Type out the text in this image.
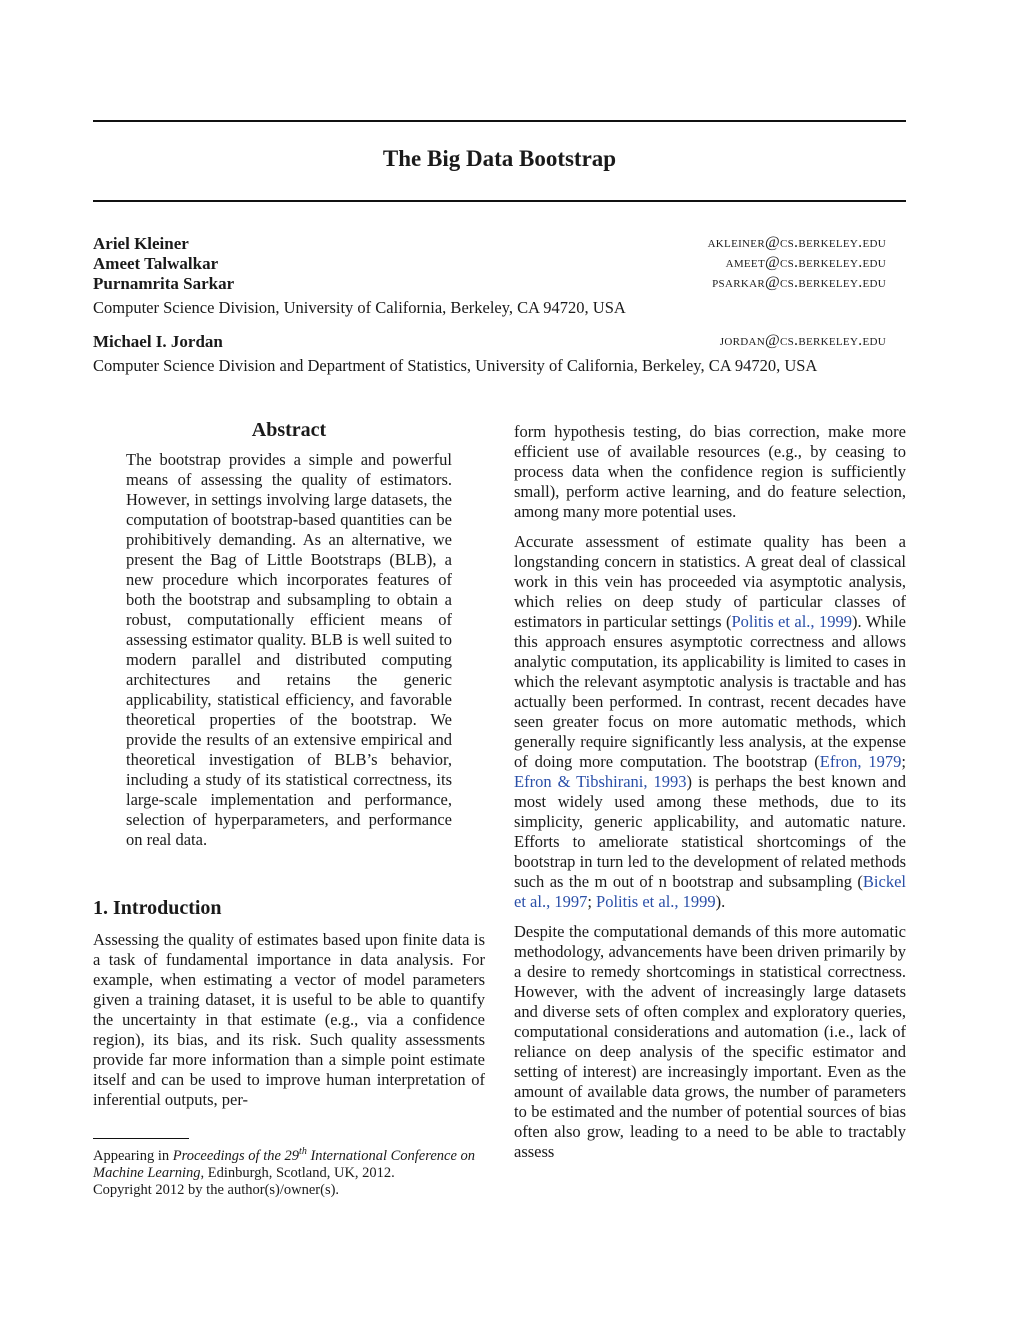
The Big Data Bootstrap
Ariel Kleiner	akleiner@cs.berkeley.edu
Ameet Talwalkar	ameet@cs.berkeley.edu
Purnamrita Sarkar	psarkar@cs.berkeley.edu
Computer Science Division, University of California, Berkeley, CA 94720, USA
Michael I. Jordan	jordan@cs.berkeley.edu
Computer Science Division and Department of Statistics, University of California, Berkeley, CA 94720, USA
Abstract
The bootstrap provides a simple and powerful means of assessing the quality of estimators. However, in settings involving large datasets, the computation of bootstrap-based quantities can be prohibitively demanding. As an alternative, we present the Bag of Little Bootstraps (BLB), a new procedure which incorporates features of both the bootstrap and subsampling to obtain a robust, computationally efficient means of assessing estimator quality. BLB is well suited to modern parallel and distributed computing architectures and retains the generic applicability, statistical efficiency, and favorable theoretical properties of the bootstrap. We provide the results of an extensive empirical and theoretical investigation of BLB’s behavior, including a study of its statistical correctness, its large-scale implementation and performance, selection of hyperparameters, and performance on real data.
1. Introduction
Assessing the quality of estimates based upon finite data is a task of fundamental importance in data analysis. For example, when estimating a vector of model parameters given a training dataset, it is useful to be able to quantify the uncertainty in that estimate (e.g., via a confidence region), its bias, and its risk. Such quality assessments provide far more information than a simple point estimate itself and can be used to improve human interpretation of inferential outputs, per-
form hypothesis testing, do bias correction, make more efficient use of available resources (e.g., by ceasing to process data when the confidence region is sufficiently small), perform active learning, and do feature selection, among many more potential uses.
Accurate assessment of estimate quality has been a longstanding concern in statistics. A great deal of classical work in this vein has proceeded via asymptotic analysis, which relies on deep study of particular classes of estimators in particular settings (Politis et al., 1999). While this approach ensures asymptotic correctness and allows analytic computation, its applicability is limited to cases in which the relevant asymptotic analysis is tractable and has actually been performed. In contrast, recent decades have seen greater focus on more automatic methods, which generally require significantly less analysis, at the expense of doing more computation. The bootstrap (Efron, 1979; Efron & Tibshirani, 1993) is perhaps the best known and most widely used among these methods, due to its simplicity, generic applicability, and automatic nature. Efforts to ameliorate statistical shortcomings of the bootstrap in turn led to the development of related methods such as the m out of n bootstrap and subsampling (Bickel et al., 1997; Politis et al., 1999).
Despite the computational demands of this more automatic methodology, advancements have been driven primarily by a desire to remedy shortcomings in statistical correctness. However, with the advent of increasingly large datasets and diverse sets of often complex and exploratory queries, computational considerations and automation (i.e., lack of reliance on deep analysis of the specific estimator and setting of interest) are increasingly important. Even as the amount of available data grows, the number of parameters to be estimated and the number of potential sources of bias often also grow, leading to a need to be able to tractably assess
Appearing in Proceedings of the 29th International Conference on Machine Learning, Edinburgh, Scotland, UK, 2012.
Copyright 2012 by the author(s)/owner(s).
